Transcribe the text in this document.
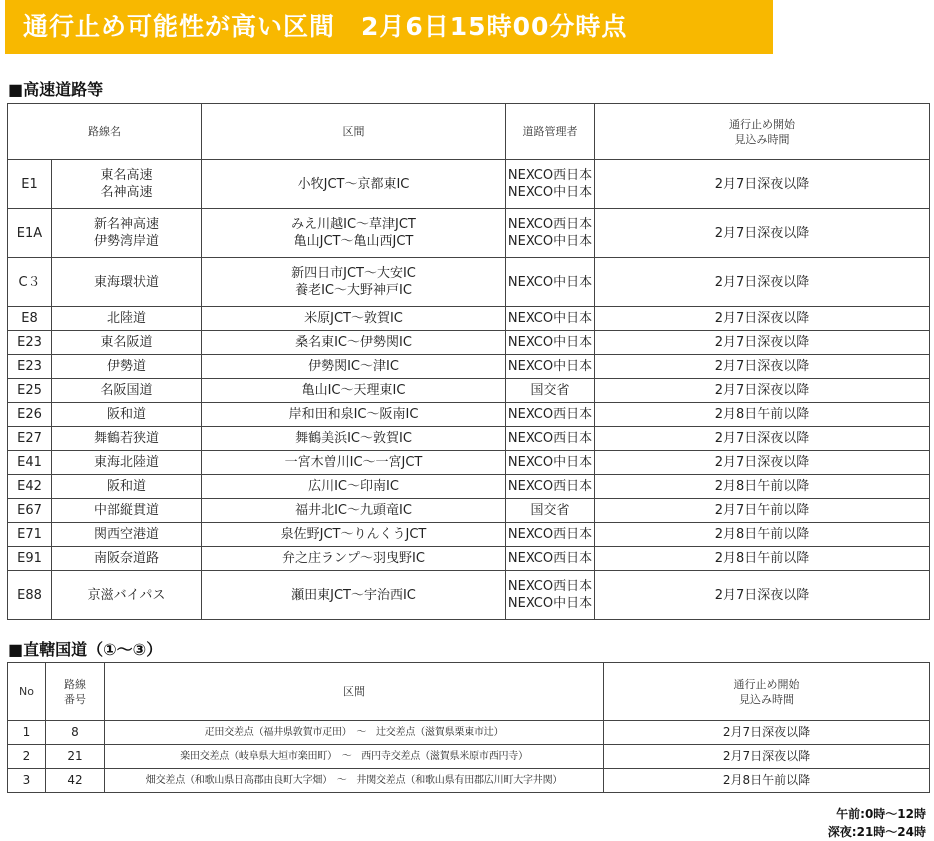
通行止め可能性が高い区間　2月6日15時00分時点
■高速道路等
路線名		区間	道路管理者	通行止め開始
見込み時間

E1	東名高速
名神高速	小牧JCT～京都東IC	NEXCO西日本
NEXCO中日本	2月7日深夜以降
E1A	新名神高速
伊勢湾岸道	みえ川越IC～草津JCT
亀山JCT～亀山西JCT	NEXCO西日本
NEXCO中日本	2月7日深夜以降
C３	東海環状道	新四日市JCT～大安IC
養老IC～大野神戸IC	NEXCO中日本	2月7日深夜以降
E8	北陸道	米原JCT～敦賀IC	NEXCO中日本	2月7日深夜以降
E23	東名阪道	桑名東IC～伊勢関IC	NEXCO中日本	2月7日深夜以降
E23	伊勢道	伊勢関IC～津IC	NEXCO中日本	2月7日深夜以降
E25	名阪国道	亀山IC～天理東IC	国交省	2月7日深夜以降
E26	阪和道	岸和田和泉IC～阪南IC	NEXCO西日本	2月8日午前以降
E27	舞鶴若狭道	舞鶴美浜IC～敦賀IC	NEXCO西日本	2月7日深夜以降
E41	東海北陸道	一宮木曽川IC～一宮JCT	NEXCO中日本	2月7日深夜以降
E42	阪和道	広川IC～印南IC	NEXCO西日本	2月8日午前以降
E67	中部縦貫道	福井北IC～九頭竜IC	国交省	2月7日午前以降
E71	関西空港道	泉佐野JCT～りんくうJCT	NEXCO西日本	2月8日午前以降
E91	南阪奈道路	弁之庄ランプ～羽曳野IC	NEXCO西日本	2月8日午前以降
E88	京滋バイパス	瀬田東JCT～宇治西IC	NEXCO西日本
NEXCO中日本	2月7日深夜以降
■直轄国道（①～③）
No	路線
番号	区間	通行止め開始
見込み時間

1	8	疋田交差点（福井県敦賀市疋田）　～　辻交差点（滋賀県栗東市辻）	2月7日深夜以降
2	21	楽田交差点（岐阜県大垣市楽田町）　～　西円寺交差点（滋賀県米原市西円寺）	2月7日深夜以降
3	42	畑交差点（和歌山県日高郡由良町大字畑）　～　井関交差点（和歌山県有田郡広川町大字井関）	2月8日午前以降
午前:0時～12時
深夜:21時～24時
